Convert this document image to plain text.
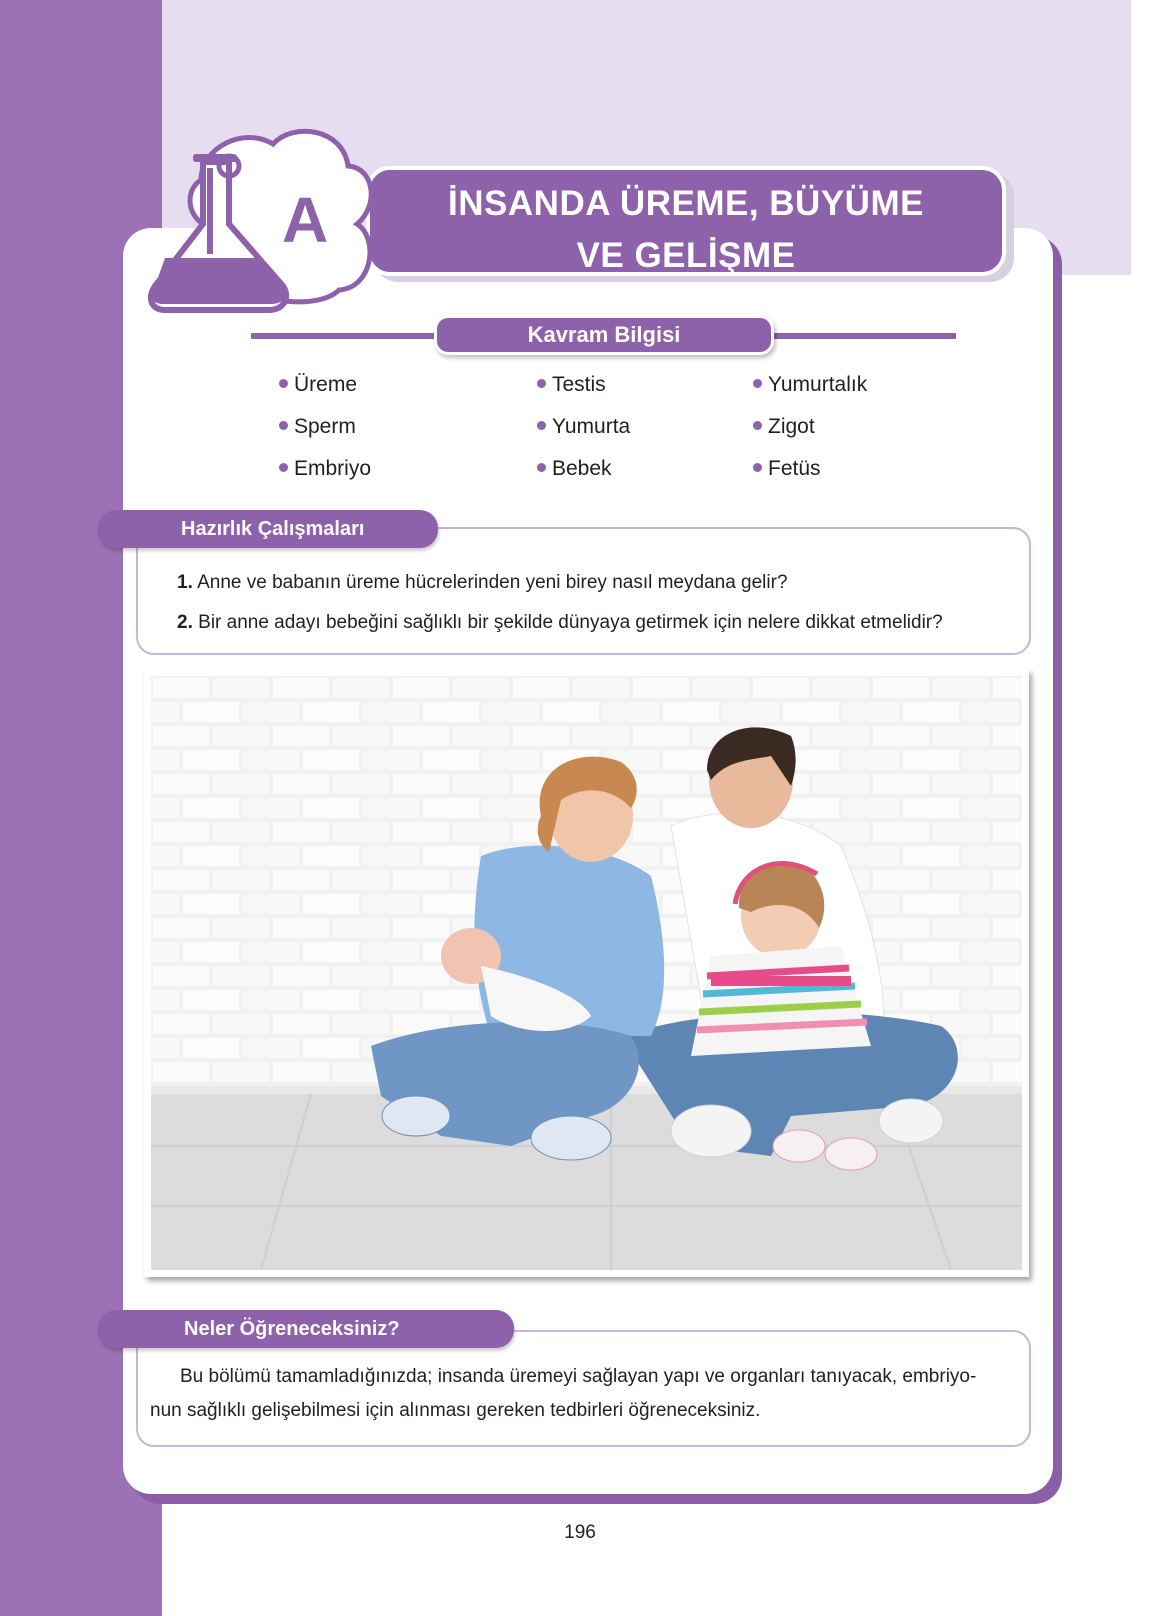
İNSANDA ÜREME, BÜYÜME
VE GELİŞME
A
Kavram Bilgisi
Üreme	Testis	Yumurtalık
Sperm	Yumurta	Zigot
Embriyo	Bebek	Fetüs
Hazırlık Çalışmaları
1. Anne ve babanın üreme hücrelerinden yeni birey nasıl meydana gelir?
2. Bir anne adayı bebeğini sağlıklı bir şekilde dünyaya getirmek için nelere dikkat etmelidir?
Neler Öğreneceksiniz?
Bu bölümü tamamladığınızda; insanda üremeyi sağlayan yapı ve organları tanıyacak, embriyo-
nun sağlıklı gelişebilmesi için alınması gereken tedbirleri öğreneceksiniz.
196
